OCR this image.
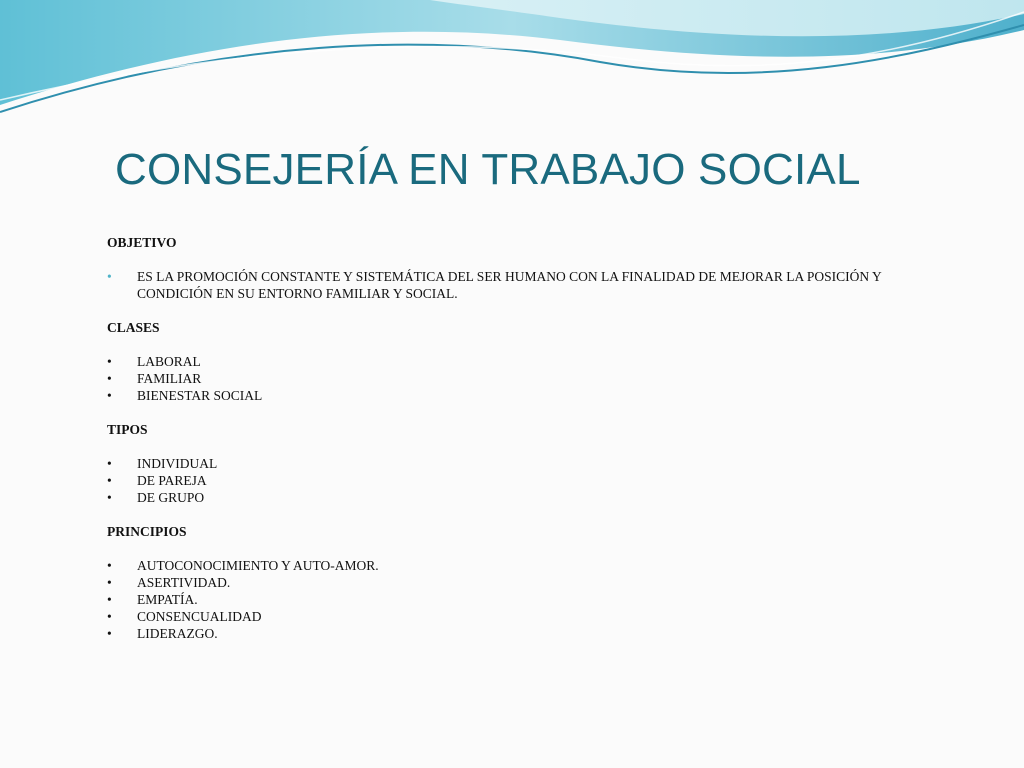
CONSEJERÍA EN TRABAJO SOCIAL
OBJETIVO
•	ES LA PROMOCIÓN CONSTANTE Y SISTEMÁTICA DEL SER HUMANO CON LA FINALIDAD DE MEJORAR LA POSICIÓN Y CONDICIÓN EN SU ENTORNO FAMILIAR Y SOCIAL.
CLASES
•	LABORAL
•	FAMILIAR
•	BIENESTAR SOCIAL
TIPOS
•	INDIVIDUAL
•	DE PAREJA
•	DE GRUPO
PRINCIPIOS
•	AUTOCONOCIMIENTO Y AUTO-AMOR.
•	ASERTIVIDAD.
•	EMPATÍA.
•	CONSENCUALIDAD
•	LIDERAZGO.
